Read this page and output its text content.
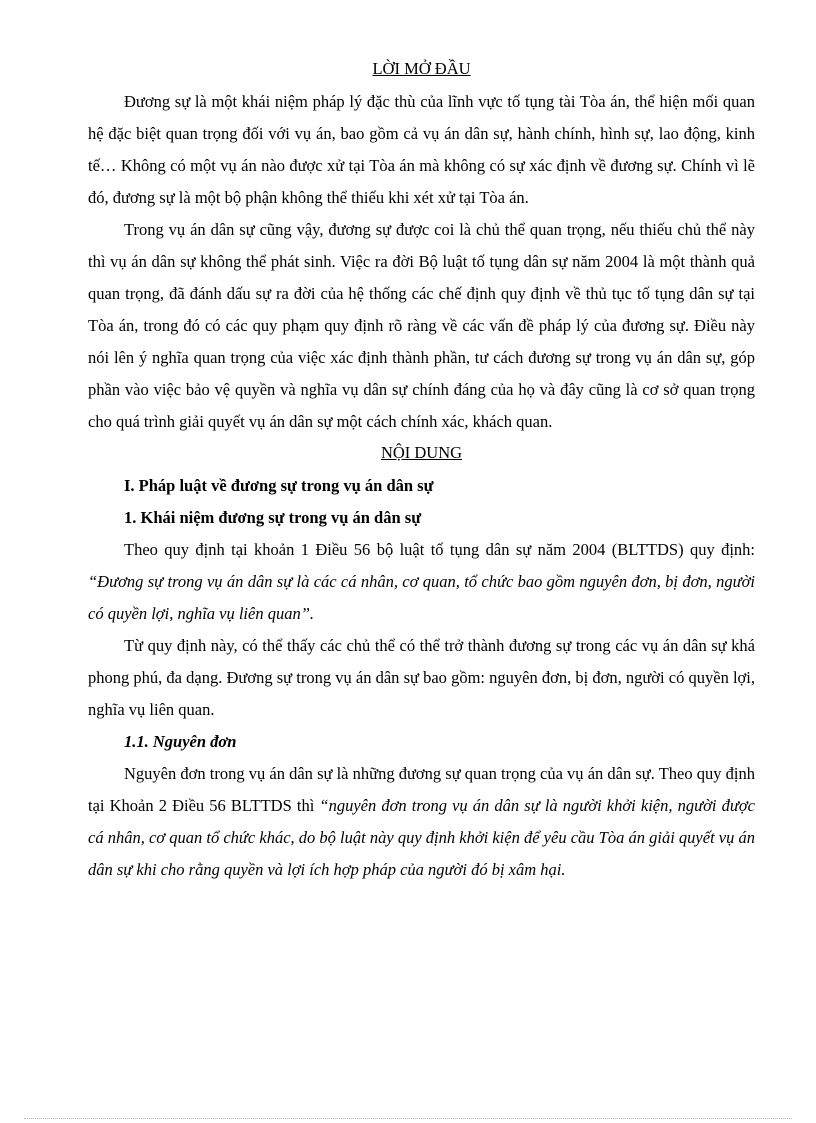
LỜI MỞ ĐẦU

Đương sự là một khái niệm pháp lý đặc thù của lĩnh vực tố tụng tài Tòa án, thể hiện mối quan hệ đặc biệt quan trọng đối với vụ án, bao gồm cả vụ án dân sự, hành chính, hình sự, lao động, kinh tế… Không có một vụ án nào được xử tại Tòa án mà không có sự xác định về đương sự. Chính vì lẽ đó, đương sự là một bộ phận không thể thiếu khi xét xử tại Tòa án.

Trong vụ án dân sự cũng vậy, đương sự được coi là chủ thể quan trọng, nếu thiếu chủ thể này thì vụ án dân sự không thể phát sinh. Việc ra đời Bộ luật tố tụng dân sự năm 2004 là một thành quả quan trọng, đã đánh dấu sự ra đời của hệ thống các chế định quy định về thủ tục tố tụng dân sự tại Tòa án, trong đó có các quy phạm quy định rõ ràng về các vấn đề pháp lý của đương sự. Điều này nói lên ý nghĩa quan trọng của việc xác định thành phần, tư cách đương sự trong vụ án dân sự, góp phần vào việc bảo vệ quyền và nghĩa vụ dân sự chính đáng của họ và đây cũng là cơ sở quan trọng cho quá trình giải quyết vụ án dân sự một cách chính xác, khách quan.

NỘI DUNG

I. Pháp luật về đương sự trong vụ án dân sự

1. Khái niệm đương sự trong vụ án dân sự

Theo quy định tại khoản 1 Điều 56 bộ luật tố tụng dân sự năm 2004 (BLTTDS) quy định: “Đương sự trong vụ án dân sự là các cá nhân, cơ quan, tổ chức bao gồm nguyên đơn, bị đơn, người có quyền lợi, nghĩa vụ liên quan”.

Từ quy định này, có thể thấy các chủ thể có thể trở thành đương sự trong các vụ án dân sự khá phong phú, đa dạng. Đương sự trong vụ án dân sự bao gồm: nguyên đơn, bị đơn, người có quyền lợi, nghĩa vụ liên quan.

1.1. Nguyên đơn

Nguyên đơn trong vụ án dân sự là những đương sự quan trọng của vụ án dân sự. Theo quy định tại Khoản 2 Điều 56 BLTTDS thì “nguyên đơn trong vụ án dân sự là người khởi kiện, người được cá nhân, cơ quan tổ chức khác, do bộ luật này quy định khởi kiện để yêu cầu Tòa án giải quyết vụ án dân sự khi cho rằng quyền và lợi ích hợp pháp của người đó bị xâm hại.
